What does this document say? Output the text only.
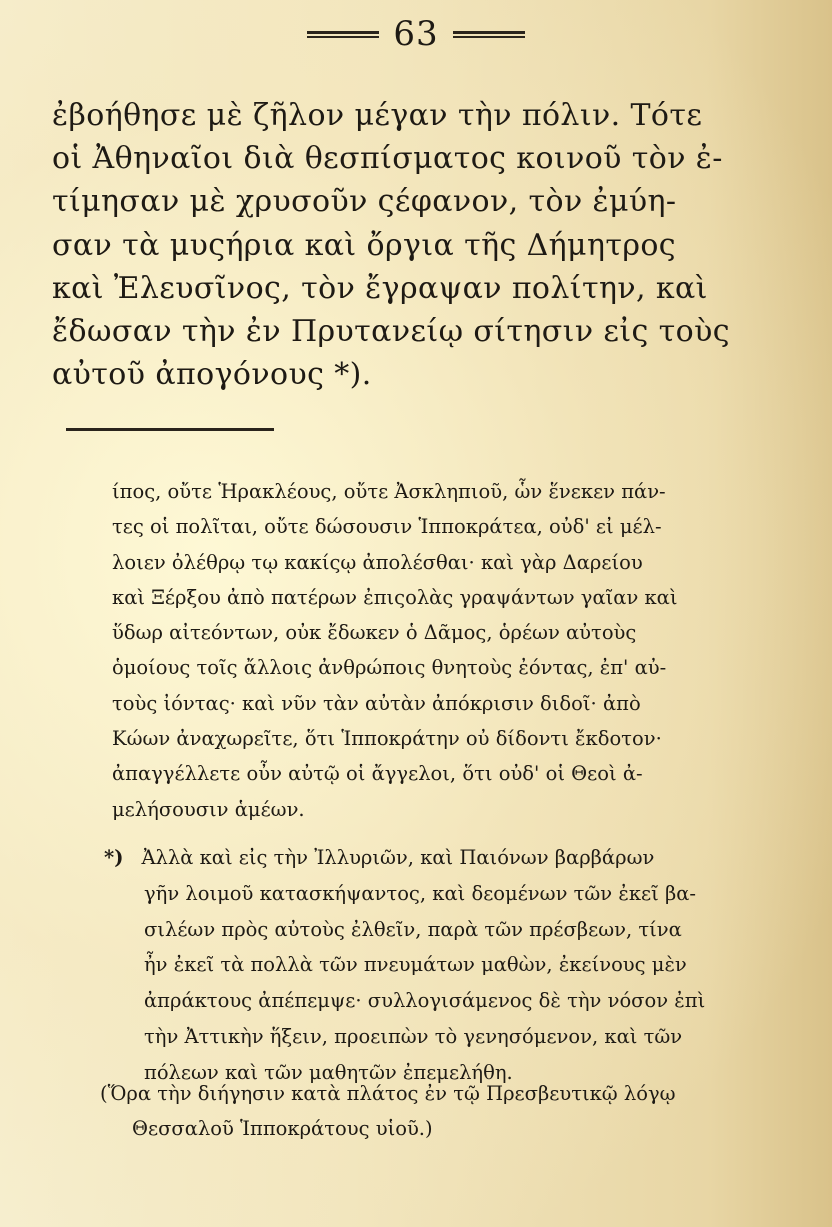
63

ἐβοήθησε μὲ ζῆλον μέγαν τὴν πόλιν. Τότε
οἱ Ἀθηναῖοι διὰ θεσπίσματος κοινοῦ τὸν ἐ-
τίμησαν μὲ χρυσοῦν ςέφανον, τὸν ἐμύη-
σαν τὰ μυςήρια καὶ ὄργια τῆς Δήμητρος
καὶ Ἐλευσῖνος, τὸν ἔγραψαν πολίτην, καὶ
ἔδωσαν τὴν ἐν Πρυτανείῳ σίτησιν εἰς τοὺς
αὐτοῦ ἀπογόνους *).

ίπος, οὔτε Ἡρακλέους, οὔτε Ἀσκληπιοῦ, ὧν ἕνεκεν πάν-
τες οἱ πολῖται, οὔτε δώσουσιν Ἱπποκράτεα, οὐδ' εἰ μέλ-
λοιεν ὀλέθρῳ τῳ κακίςῳ ἀπολέσθαι· καὶ γὰρ Δαρείου
καὶ Ξέρξου ἀπὸ πατέρων ἐπιςολὰς γραψάντων γαῖαν καὶ
ὕδωρ αἰτεόντων, οὐκ ἔδωκεν ὁ Δᾶμος, ὁρέων αὐτοὺς
ὁμοίους τοῖς ἄλλοις ἀνθρώποις θνητοὺς ἐόντας, ἐπ' αὐ-
τοὺς ἰόντας· καὶ νῦν τὰν αὐτὰν ἀπόκρισιν διδοῖ· ἀπὸ
Κώων ἀναχωρεῖτε, ὅτι Ἱπποκράτην οὐ δίδοντι ἔκδοτον·
ἀπαγγέλλετε οὖν αὐτῷ οἱ ἄγγελοι, ὅτι οὐδ' οἱ Θεοὶ ἀ-
μελήσουσιν ἁμέων.

*) Ἀλλὰ καὶ εἰς τὴν Ἰλλυριῶν, καὶ Παιόνων βαρβάρων
γῆν λοιμοῦ κατασκήψαντος, καὶ δεομένων τῶν ἐκεῖ βα-
σιλέων πρὸς αὐτοὺς ἐλθεῖν, παρὰ τῶν πρέσβεων, τίνα
ἦν ἐκεῖ τὰ πολλὰ τῶν πνευμάτων μαθὼν, ἐκείνους μὲν
ἀπράκτους ἀπέπεμψε· συλλογισάμενος δὲ τὴν νόσον ἐπὶ
τὴν Ἀττικὴν ἥξειν, προειπὼν τὸ γενησόμενον, καὶ τῶν
πόλεων καὶ τῶν μαθητῶν ἐπεμελήθη.

(Ὅρα τὴν διήγησιν κατὰ πλάτος ἐν τῷ Πρεσβευτικῷ λόγῳ
Θεσσαλοῦ Ἱπποκράτους υἱοῦ.)
